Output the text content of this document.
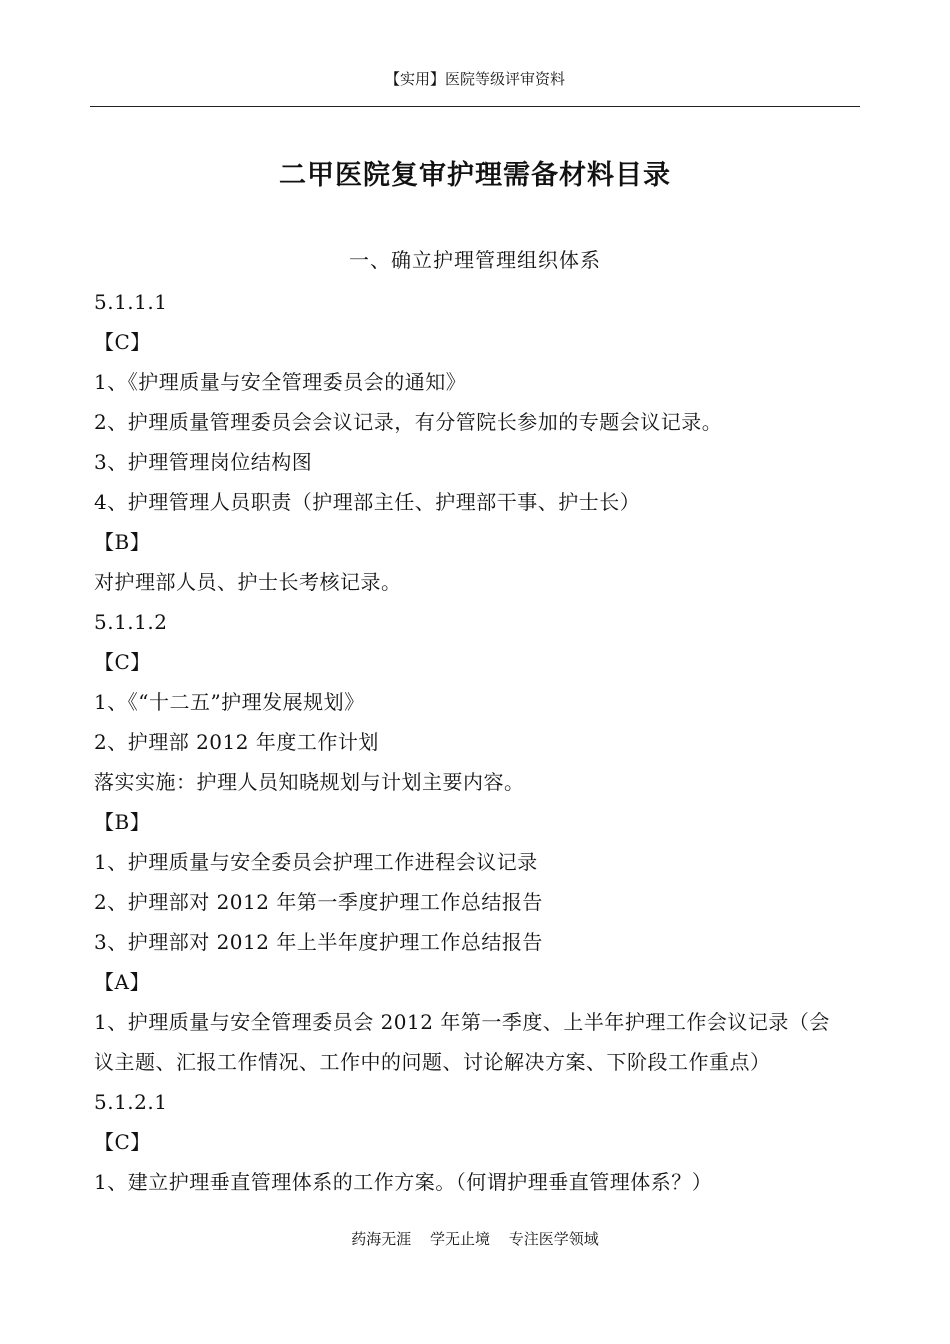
【实用】医院等级评审资料
二甲医院复审护理需备材料目录
一、确立护理管理组织体系
5.1.1.1
【C】
1、《护理质量与安全管理委员会的通知》
2、护理质量管理委员会会议记录，有分管院长参加的专题会议记录。
3、护理管理岗位结构图
4、护理管理人员职责（护理部主任、护理部干事、护士长）
【B】
对护理部人员、护士长考核记录。
5.1.1.2
【C】
1、《“十二五”护理发展规划》
2、护理部 2012 年度工作计划
落实实施：护理人员知晓规划与计划主要内容。
【B】
1、护理质量与安全委员会护理工作进程会议记录
2、护理部对 2012 年第一季度护理工作总结报告
3、护理部对 2012 年上半年度护理工作总结报告
【A】
1、护理质量与安全管理委员会 2012 年第一季度、上半年护理工作会议记录（会
议主题、汇报工作情况、工作中的问题、讨论解决方案、下阶段工作重点）
5.1.2.1
【C】
1、建立护理垂直管理体系的工作方案。（何谓护理垂直管理体系？）
药海无涯 学无止境 专注医学领域
